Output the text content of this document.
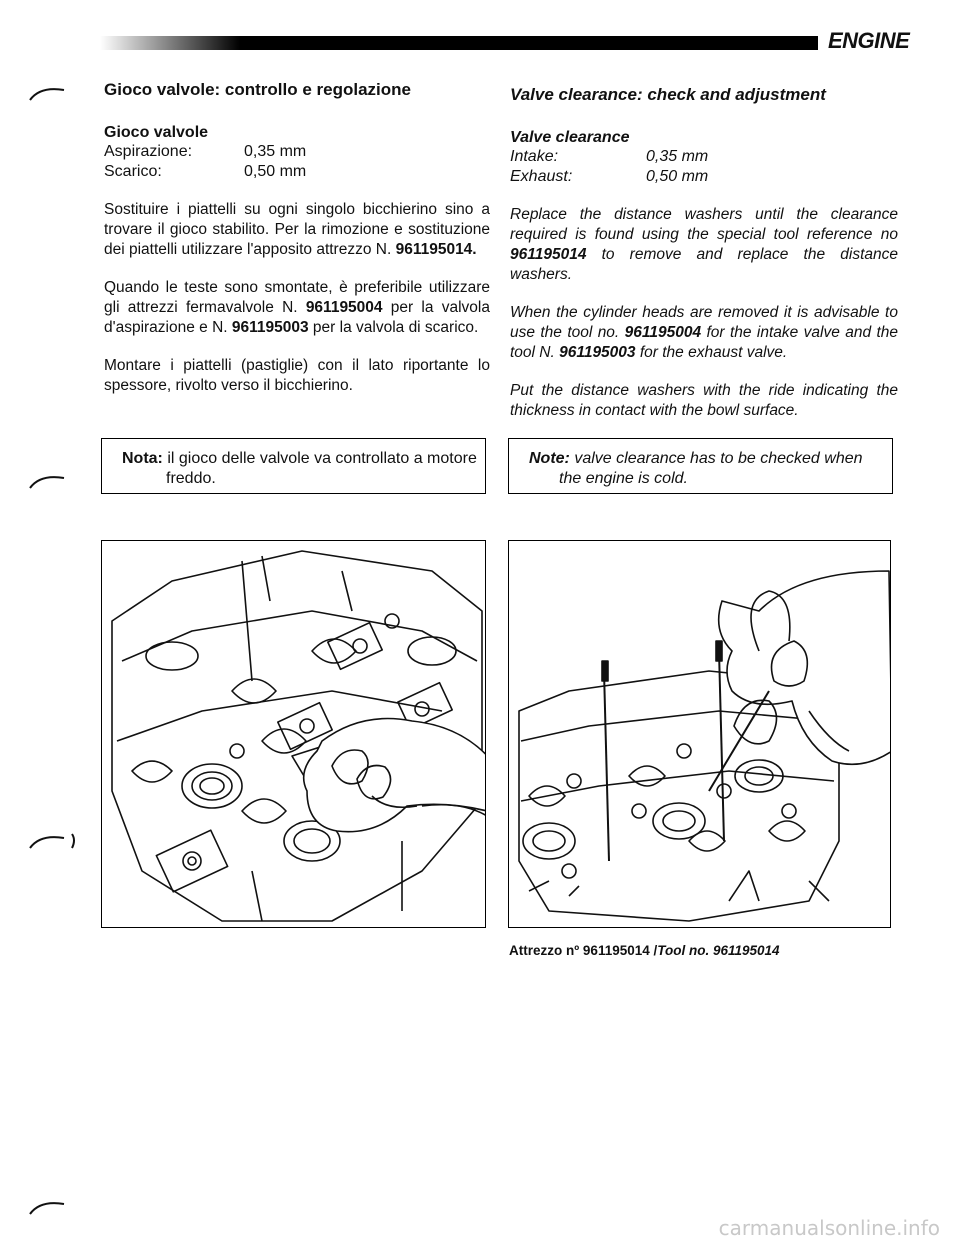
ENGINE
Gioco valvole: controllo e regolazione
Gioco valvole
Aspirazione:	0,35 mm
Scarico:	0,50 mm

Sostituire i piattelli su ogni singolo bicchierino sino a trovare il gioco stabilito. Per la rimozione e sostituzione dei piattelli utilizzare l'apposito attrezzo N. 961195014.

Quando le teste sono smontate, è preferibile utilizzare gli attrezzi fermavalvole N. 961195004 per la valvola d'aspirazione e N. 961195003 per la valvola di scarico.

Montare i piattelli (pastiglie) con il lato riportante lo spessore, rivolto verso il bicchierino.

Valve clearance: check and adjustment
Valve clearance
Intake:	0,35 mm
Exhaust:	0,50 mm

Replace the distance washers until the clearance required is found using the special tool reference no 961195014 to remove and replace the distance washers.

When the cylinder heads are removed it is advisable to use the tool no. 961195004 for the intake valve and the tool N. 961195003 for the exhaust valve.

Put the distance washers with the ride indicating the thickness in contact with the bowl surface.

Nota: il gioco delle valvole va controllato a motore
freddo.
Note: valve clearance has to be checked when
the engine is cold.
Attrezzo nº 961195014 /Tool no. 961195014
carmanualsonline.info
